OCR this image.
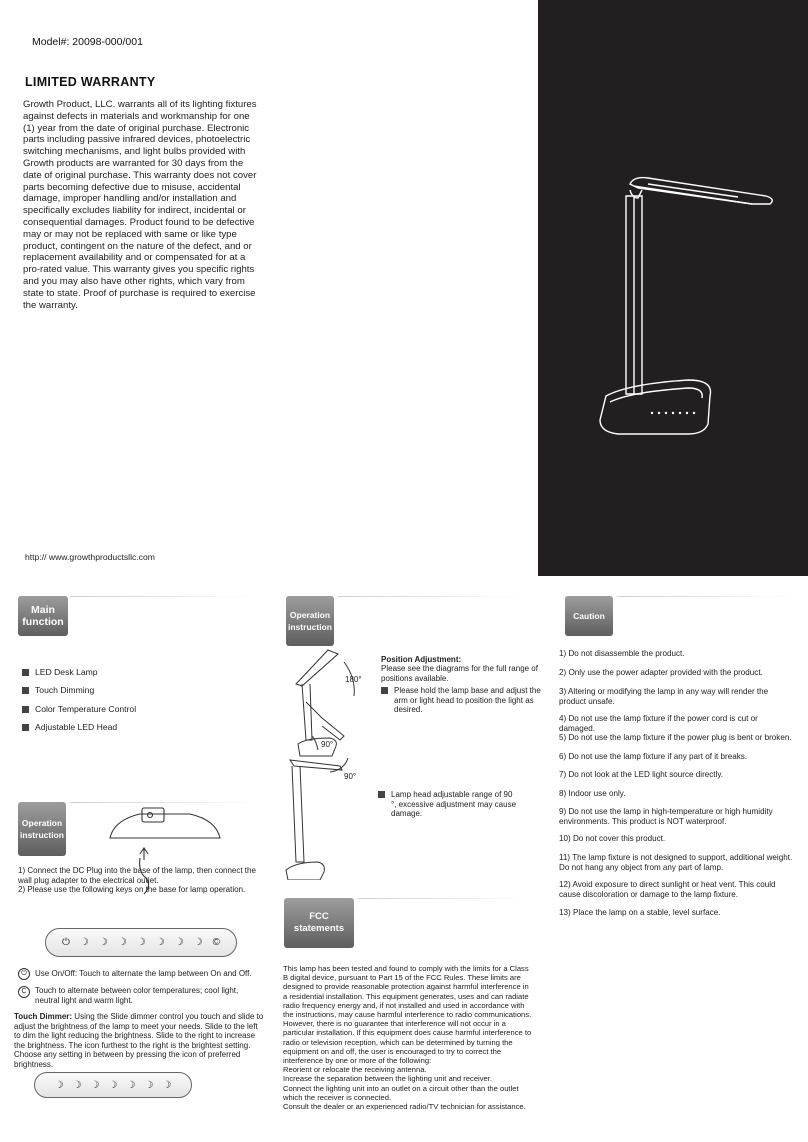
Model#: 20098-000/001
LIMITED WARRANTY

Growth Product, LLC. warrants all of its lighting fixtures against defects in materials and workmanship for one (1) year from the date of original purchase. Electronic parts including passive infrared devices, photoelectric switching mechanisms, and light bulbs provided with Growth products are warranted for 30 days from the date of original purchase. This warranty does not cover parts becoming defective due to misuse, accidental damage, improper handling and/or installation and specifically excludes liability for indirect, incidental or consequential damages. Product found to be defective may or may not be replaced with same or like type product, contingent on the nature of the defect, and or replacement availability and or compensated for at a pro-rated value. This warranty gives you specific rights and you may also have other rights, which vary from state to state. Proof of purchase is required to exercise the warranty.

http:// www.growthproductsllc.com
Main function
LED Desk Lamp
Touch Dimming
Color Temperature Control
Adjustable LED Head
Operation instruction
1) Connect the DC Plug into the base of the lamp, then connect the wall plug adapter to the electrical outlet.
2) Please use the following keys on the base for lamp operation.
⏻ ☽ ☽ ☽ ☽ ☽ ☽ ☽ ©
⏻	Use On/Off: Touch to alternate the lamp between On and Off.
C	Touch to alternate between color temperatures; cool light, neutral light and warm light.
Touch Dimmer: Using the Slide dimmer control you touch and slide to adjust the brightness of the lamp to meet your needs. Slide to the left to dim the light reducing the brightness. Slide to the right to increase the brightness. The icon furthest to the right is the brightest setting. Choose any setting in between by pressing the icon of preferred brightness.
☽ ☽ ☽ ☽ ☽ ☽ ☽
Operation instruction
180°
90°
90°
Position Adjustment:
Please see the diagrams for the full range of positions available.
Please hold the lamp base and adjust the arm or light head to position the light as desired.
Lamp head adjustable range of 90 °, excessive adjustment may cause damage.
FCC statements
This lamp has been tested and found to comply with the limits for a Class B digital device, pursuant to Part 15 of the FCC Rules. These limits are designed to provide reasonable protection against harmful interference in a residential installation. This equipment generates, uses and can radiate radio frequency energy and, if not installed and used in accordance with the instructions, may cause harmful interference to radio communications. However, there is no guarantee that interference will not occur in a particular installation. If this equipment does cause harmful interference to radio or television reception, which can be determined by turning the equipment on and off, the user is encouraged to try to correct the interference by one or more of the following:
Reorient or relocate the receiving antenna.
Increase the separation between the lighting unit and receiver.
Connect the lighting unit into an outlet on a circuit other than the outlet which the receiver is connected.
Consult the dealer or an experienced radio/TV technician for assistance.
Caution
1) Do not disassemble the product.
2) Only use the power adapter provided with the product.
3) Altering or modifying the lamp in any way will render the product unsafe.
4) Do not use the lamp fixture if the power cord is cut or damaged.
5) Do not use the lamp fixture if the power plug is bent or broken.
6) Do not use the lamp fixture if any part of it breaks.
7) Do not look at the LED light source directly.
8) Indoor use only.
9) Do not use the lamp in high-temperature or high humidity environments. This product is NOT waterproof.
10) Do not cover this product.
11) The lamp fixture is not designed to support, additional weight. Do not hang any object from any part of lamp.
12) Avoid exposure to direct sunlight or heat vent. This could cause discoloration or damage to the lamp fixture.
13) Place the lamp on a stable, level surface.
